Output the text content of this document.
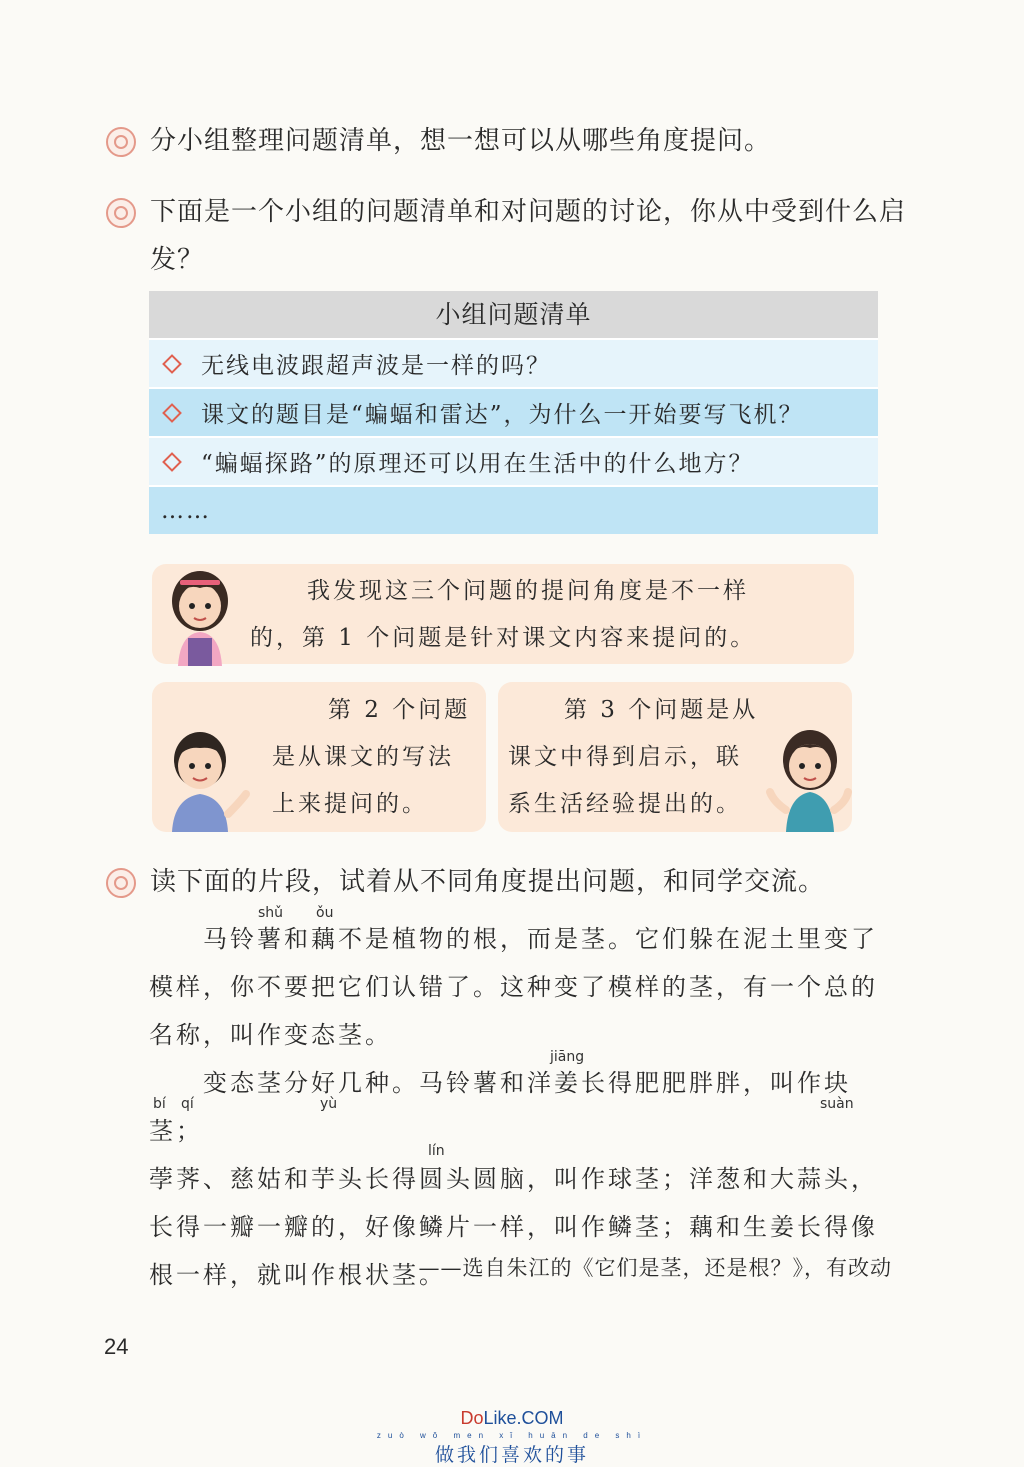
分小组整理问题清单，想一想可以从哪些角度提问。
下面是一个小组的问题清单和对问题的讨论，你从中受到什么启发？
小组问题清单
无线电波跟超声波是一样的吗？
课文的题目是“蝙蝠和雷达”，为什么一开始要写飞机？
“蝙蝠探路”的原理还可以用在生活中的什么地方？
……
我发现这三个问题的提问角度是不一样
的，第 1 个问题是针对课文内容来提问的。
第 2 个问题
是从课文的写法
上来提问的。
第 3 个问题是从
课文中得到启示，联
系生活经验提出的。
读下面的片段，试着从不同角度提出问题，和同学交流。

马铃薯和藕不是植物的根，而是茎。它们躲在泥土里变了

模样，你不要把它们认错了。这种变了模样的茎，有一个总的

名称，叫作变态茎。

变态茎分好几种。马铃薯和洋姜长得肥肥胖胖，叫作块茎；

荸荠、慈姑和芋头长得圆头圆脑，叫作球茎；洋葱和大蒜头，

长得一瓣一瓣的，好像鳞片一样，叫作鳞茎；藕和生姜长得像

根一样，就叫作根状茎。

shǔ ǒu
jiāng
bí qí	yù	suàn
lín
——选自朱江的《它们是茎，还是根？》，有改动
24
DoLike.COM
zuò wǒ men xǐ huān de shì
做我们喜欢的事
